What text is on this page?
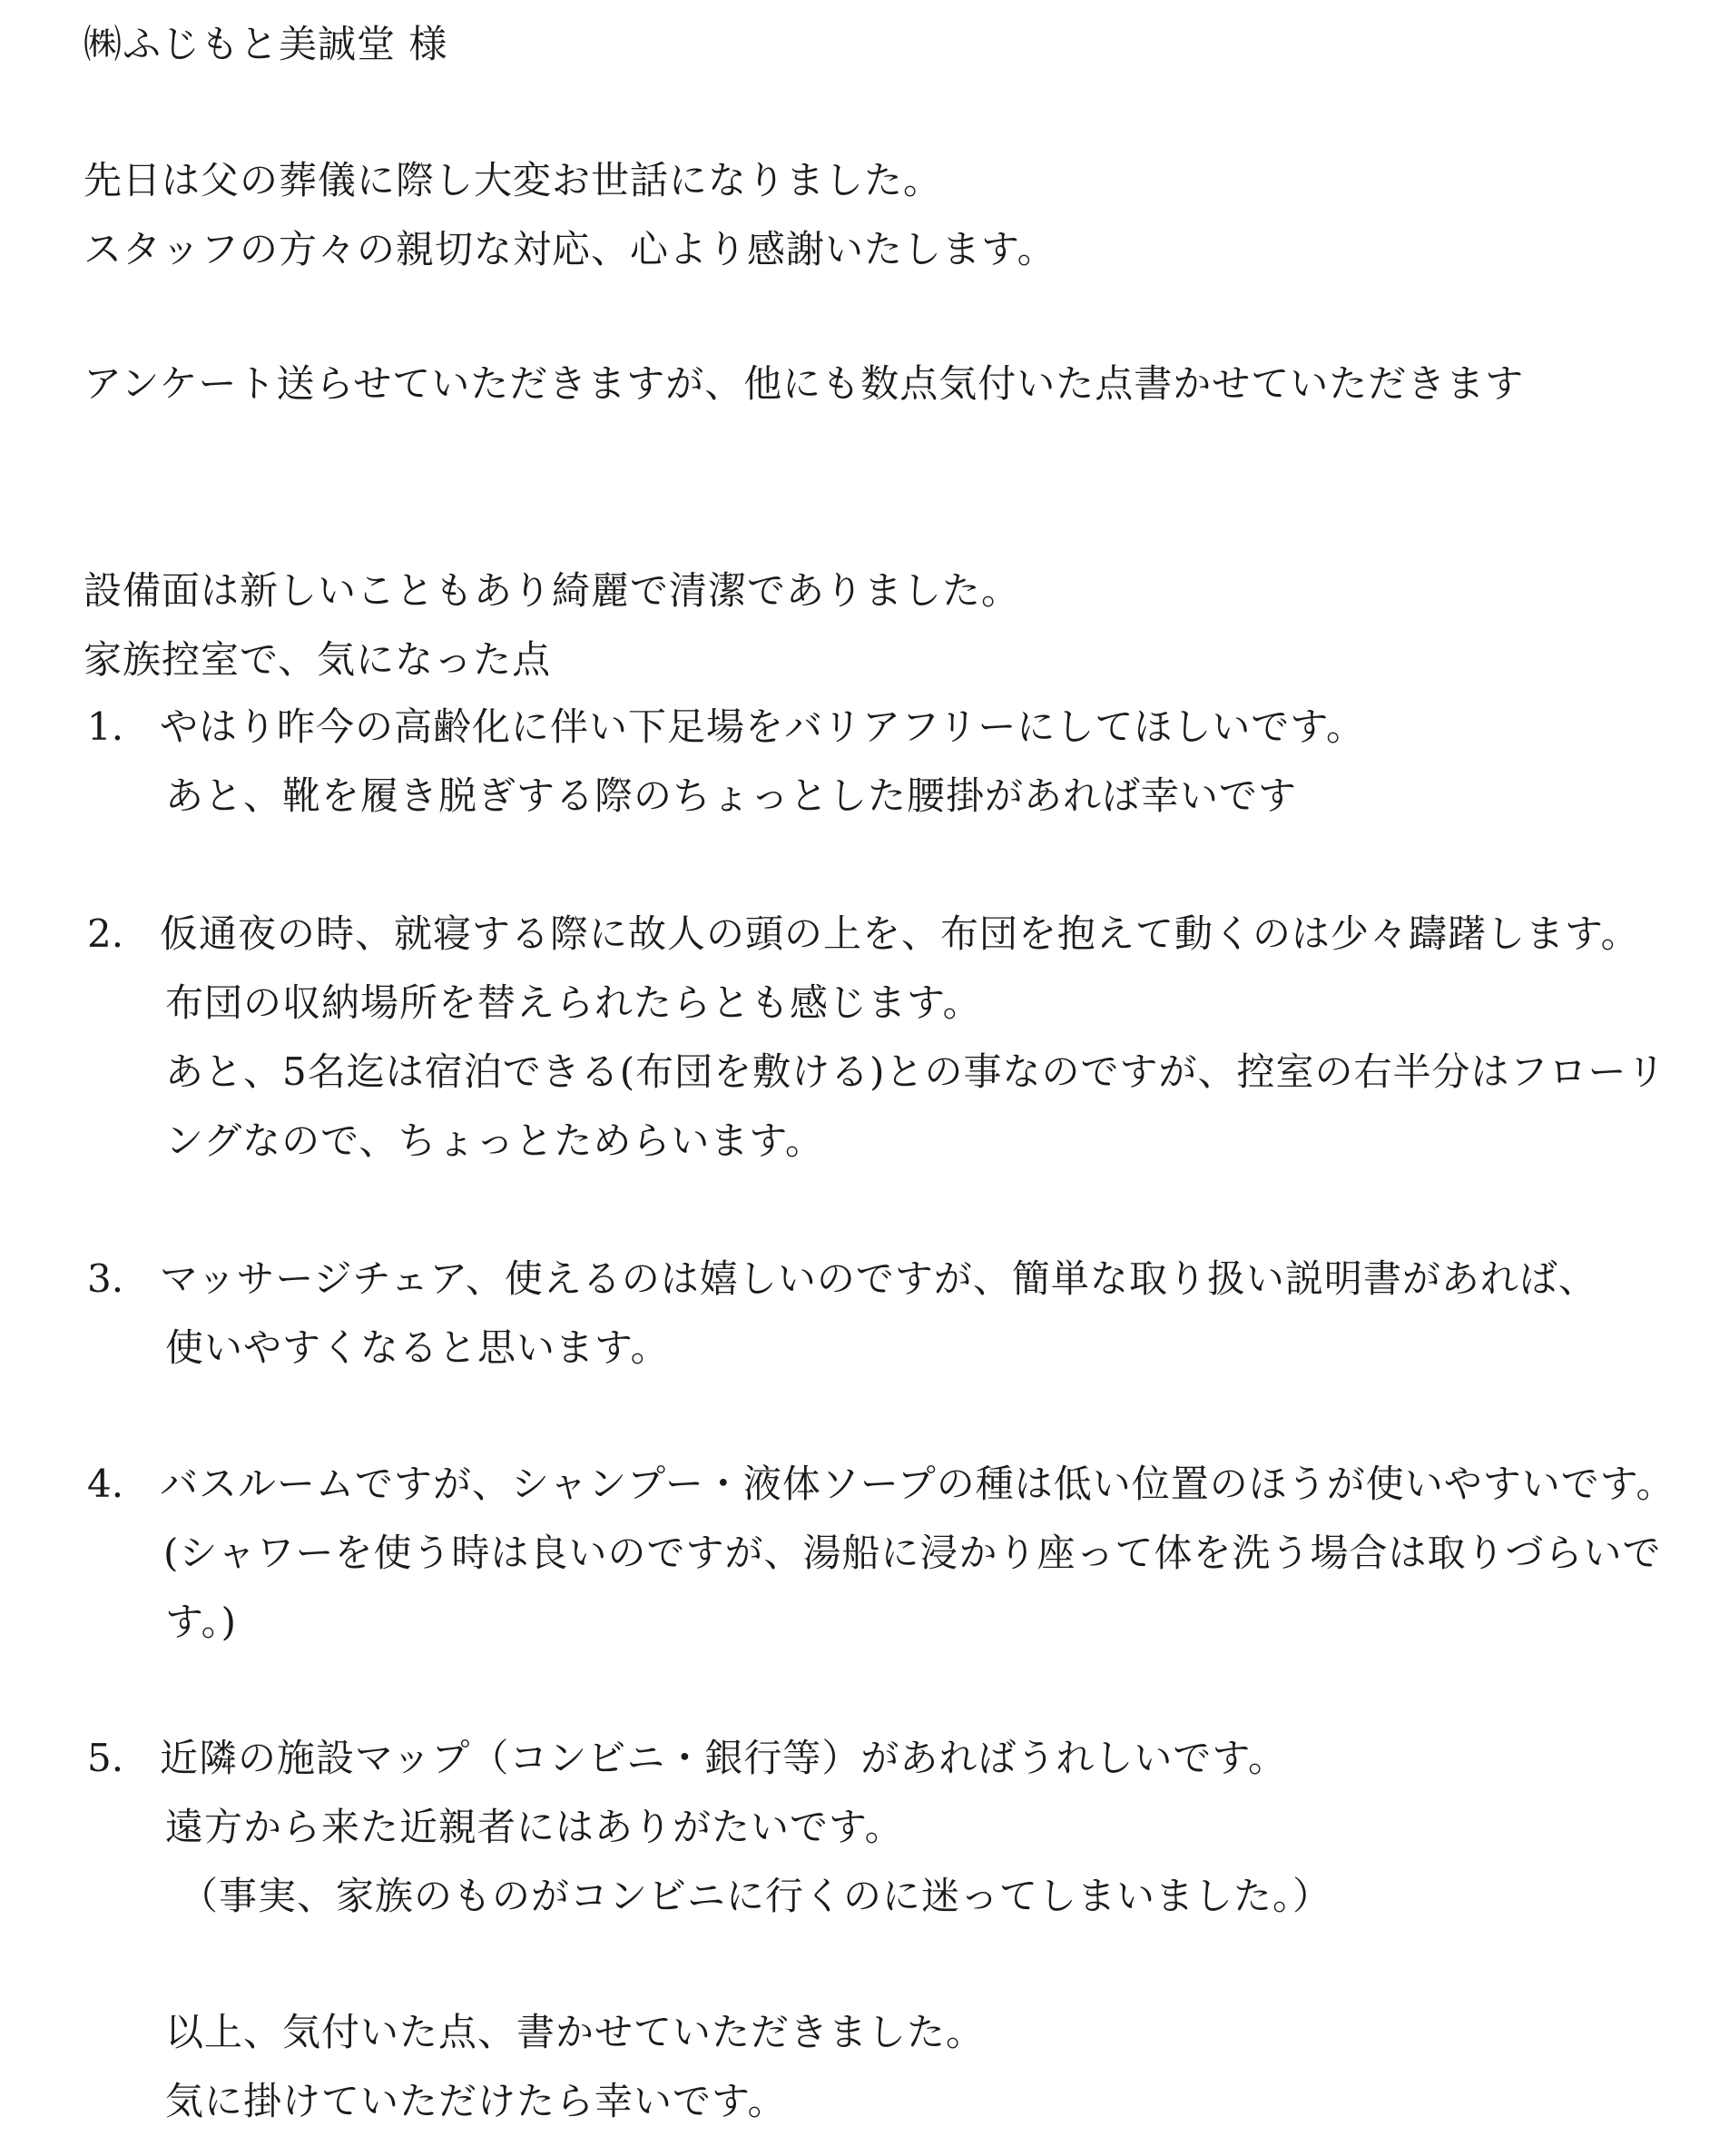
㈱ふじもと美誠堂 様
先日は父の葬儀に際し大変お世話になりました。
スタッフの方々の親切な対応、心より感謝いたします。
アンケート送らせていただきますが、他にも数点気付いた点書かせていただきます
設備面は新しいこともあり綺麗で清潔でありました。
家族控室で、気になった点
1. やはり昨今の高齢化に伴い下足場をバリアフリーにしてほしいです。
あと、靴を履き脱ぎする際のちょっとした腰掛があれば幸いです
2. 仮通夜の時、就寝する際に故人の頭の上を、布団を抱えて動くのは少々躊躇します。
布団の収納場所を替えられたらとも感じます。
あと、5名迄は宿泊できる(布団を敷ける)との事なのですが、控室の右半分はフローリ
ングなので、ちょっとためらいます。
3. マッサージチェア、使えるのは嬉しいのですが、簡単な取り扱い説明書があれば、
使いやすくなると思います。
4. バスルームですが、シャンプー・液体ソープの種は低い位置のほうが使いやすいです。
(シャワーを使う時は良いのですが、湯船に浸かり座って体を洗う場合は取りづらいで
す。)
5. 近隣の施設マップ（コンビニ・銀行等）があればうれしいです。
遠方から来た近親者にはありがたいです。
（事実、家族のものがコンビニに行くのに迷ってしまいました。）
以上、気付いた点、書かせていただきました。
気に掛けていただけたら幸いです。
